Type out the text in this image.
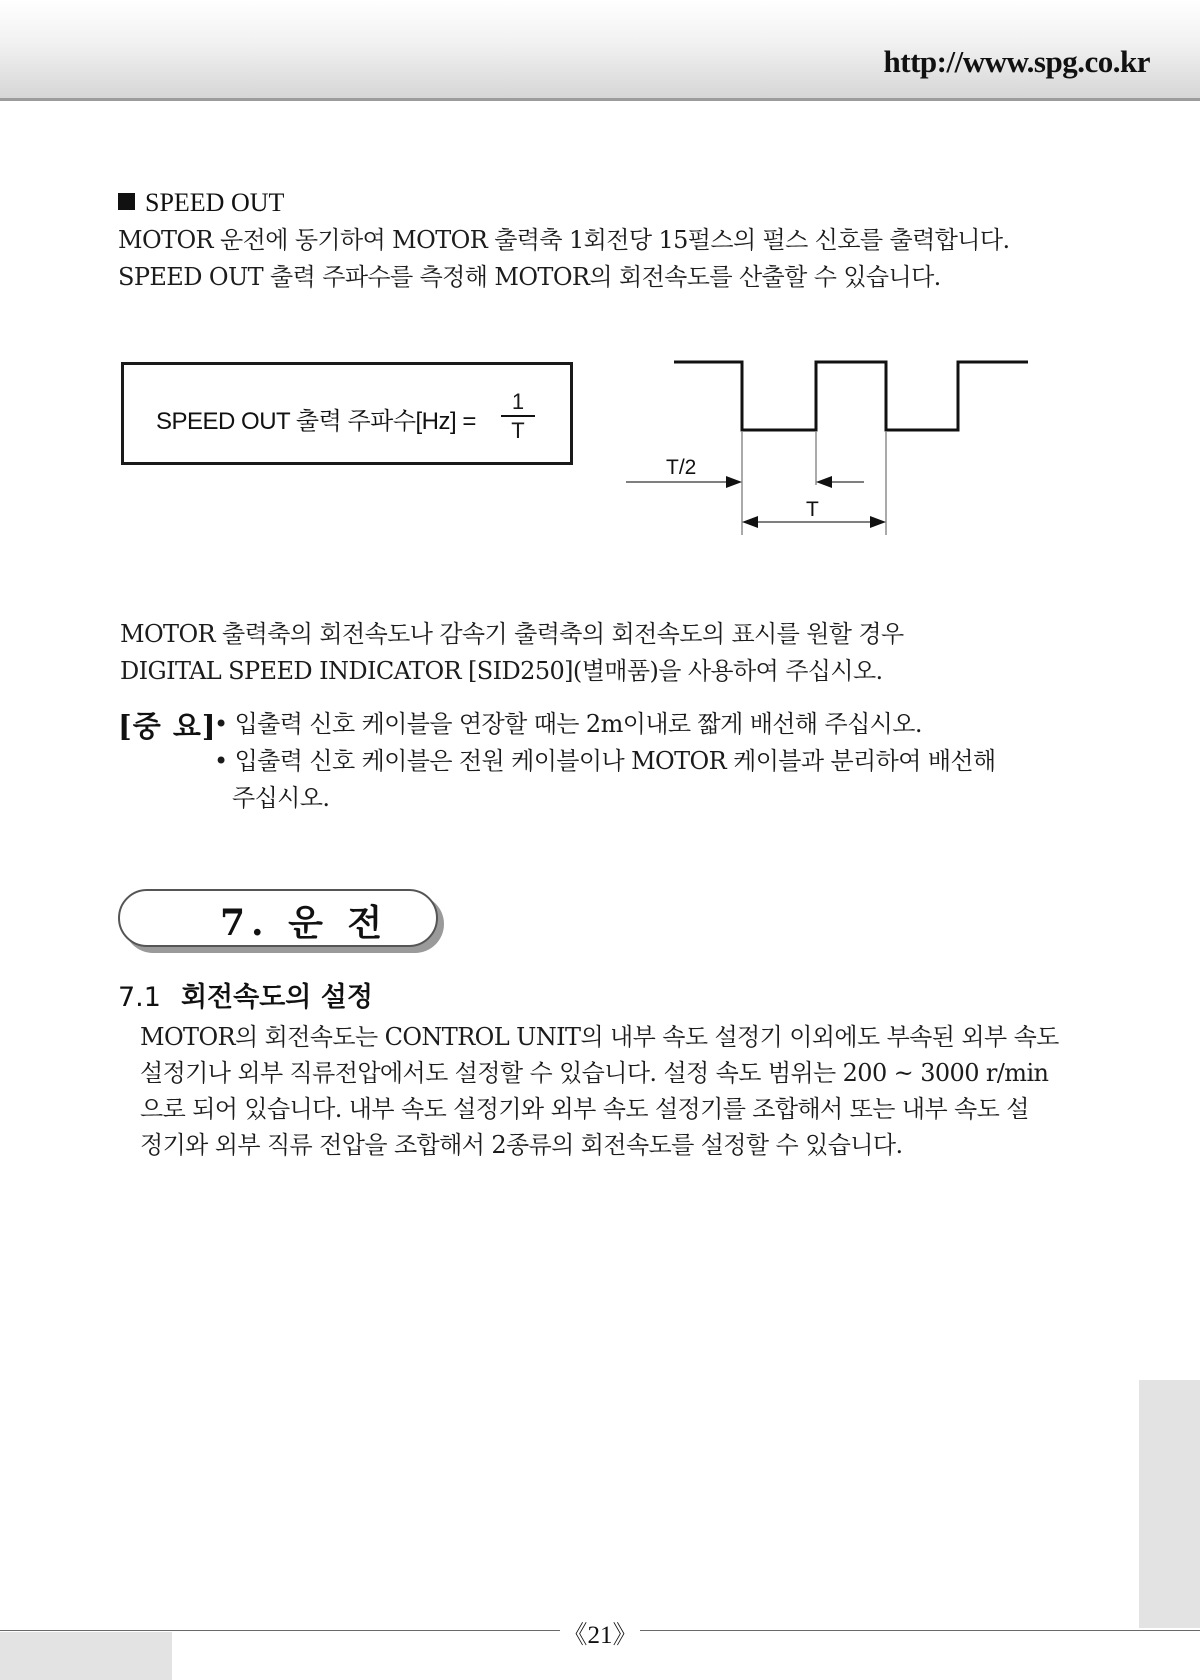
http://www.spg.co.kr
SPEED OUT
MOTOR 운전에 동기하여 MOTOR 출력축 1회전당 15펄스의 펄스 신호를 출력합니다.
SPEED OUT 출력 주파수를 측정해 MOTOR의 회전속도를 산출할 수 있습니다.
SPEED OUT 출력 주파수[Hz] =
1
T
T/2
T
MOTOR 출력축의 회전속도나 감속기 출력축의 회전속도의 표시를 원할 경우
DIGITAL SPEED INDICATOR [SID250](별매품)을 사용하여 주십시오.
[중 요]
• 입출력 신호 케이블을 연장할 때는 2m이내로 짧게 배선해 주십시오.
• 입출력 신호 케이블은 전원 케이블이나 MOTOR 케이블과 분리하여 배선해
주십시오.
7. 운 전
7.1 회전속도의 설정
MOTOR의 회전속도는 CONTROL UNIT의 내부 속도 설정기 이외에도 부속된 외부 속도
설정기나 외부 직류전압에서도 설정할 수 있습니다. 설정 속도 범위는 200 ~ 3000 r/min
으로 되어 있습니다. 내부 속도 설정기와 외부 속도 설정기를 조합해서 또는 내부 속도 설
정기와 외부 직류 전압을 조합해서 2종류의 회전속도를 설정할 수 있습니다.
《21》
